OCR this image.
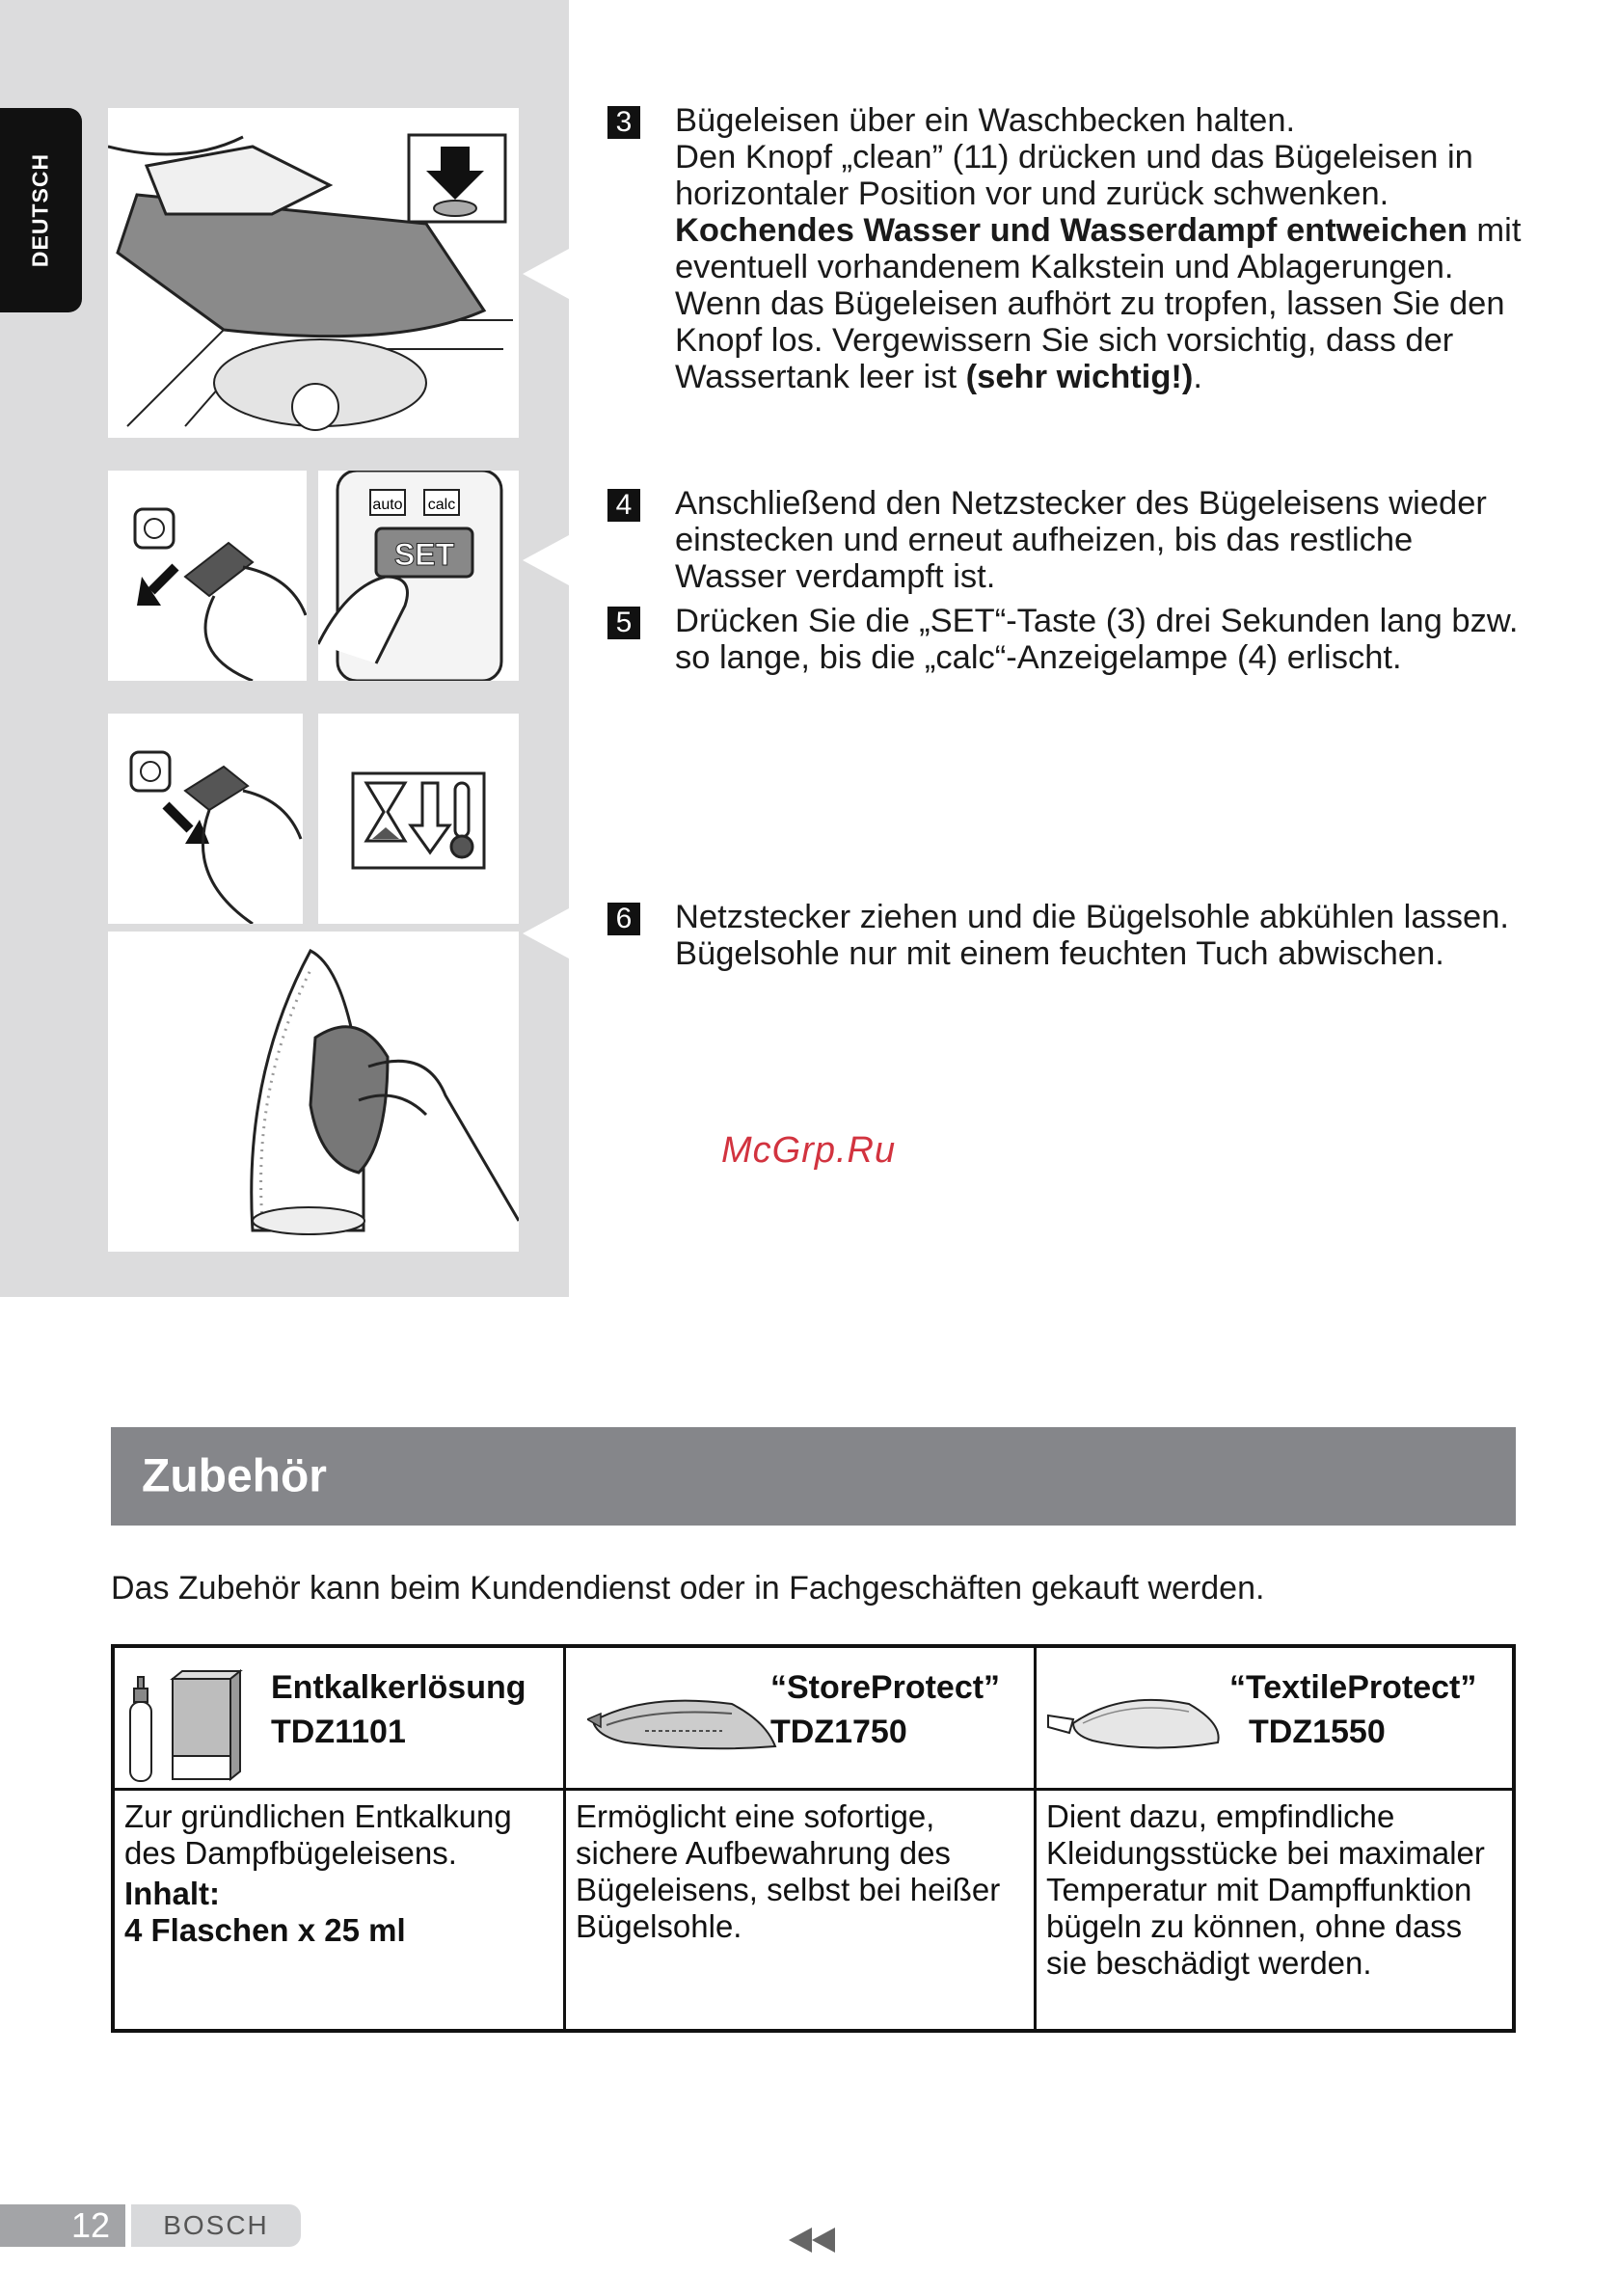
DEUTSCH
auto calc
SET
3 Bügeleisen über ein Waschbecken halten.
Den Knopf „clean” (11) drücken und das Bügeleisen in horizontaler Position vor und zurück schwenken.
Kochendes Wasser und Wasserdampf entweichen mit eventuell vorhandenem Kalkstein und Ablagerungen. Wenn das Bügeleisen aufhört zu tropfen, lassen Sie den Knopf los. Vergewissern Sie sich vorsichtig, dass der Wassertank leer ist (sehr wichtig!).
4 Anschließend den Netzstecker des Bügeleisens wieder einstecken und erneut aufheizen, bis das restliche Wasser verdampft ist.
5 Drücken Sie die „SET“-Taste (3) drei Sekunden lang bzw. so lange, bis die „calc“-Anzeigelampe (4) erlischt.
6 Netzstecker ziehen und die Bügelsohle abkühlen lassen. Bügelsohle nur mit einem feuchten Tuch abwischen.
McGrp.Ru
Zubehör
Das Zubehör kann beim Kundendienst oder in Fachgeschäften gekauft werden.
Entkalkerlösung
TDZ1101
Zur gründlichen Entkalkung des Dampfbügeleisens.
Inhalt:
4 Flaschen x 25 ml
“StoreProtect”
TDZ1750
Ermöglicht eine sofortige, sichere Aufbewahrung des Bügeleisens, selbst bei heißer Bügelsohle.
“TextileProtect”
TDZ1550
Dient dazu, empfindliche Kleidungsstücke bei maximaler Temperatur mit Dampffunktion bügeln zu können, ohne dass sie beschädigt werden.
12	BOSCH
